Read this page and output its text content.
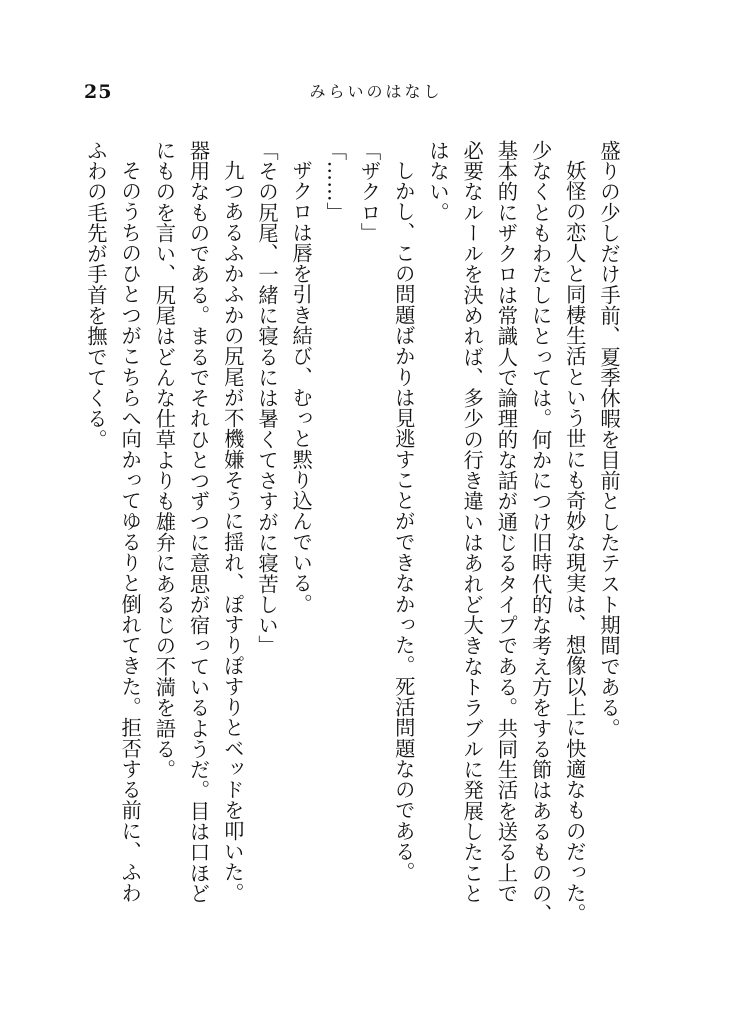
25	みらいのはなし

盛りの少しだけ手前、夏季休暇を目前としたテスト期間である。

妖怪の恋人と同棲生活という世にも奇妙な現実は、想像以上に快適なものだった。

少なくともわたしにとっては。何かにつけ旧時代的な考え方をする節はあるものの、

基本的にザクロは常識人で論理的な話が通じるタイプである。共同生活を送る上で

必要なルールを決めれば、多少の行き違いはあれど大きなトラブルに発展したこと

はない。

しかし、この問題ばかりは見逃すことができなかった。死活問題なのである。

「ザクロ」

「……」

ザクロは唇を引き結び、むっと黙り込んでいる。

「その尻尾、一緒に寝るには暑くてさすがに寝苦しい」

九つあるふかふかの尻尾が不機嫌そうに揺れ、ぽすりぽすりとベッドを叩いた。

器用なものである。まるでそれひとつずつに意思が宿っているようだ。目は口ほど

にものを言い、尻尾はどんな仕草よりも雄弁にあるじの不満を語る。

そのうちのひとつがこちらへ向かってゆるりと倒れてきた。拒否する前に、ふわ

ふわの毛先が手首を撫でてくる。
